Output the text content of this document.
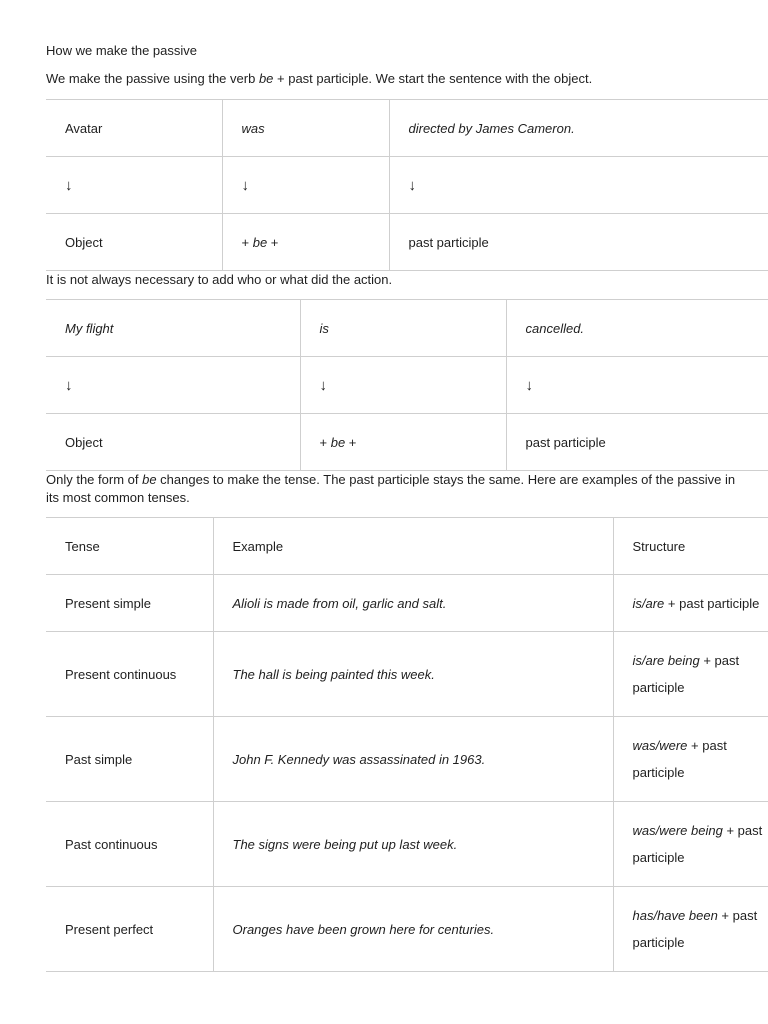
How we make the passive

We make the passive using the verb be + past participle. We start the sentence with the object.

Avatar	was	directed by James Cameron.
↓	↓	↓
Object	+ be +	past participle

It is not always necessary to add who or what did the action.

My flight	is	cancelled.
↓	↓	↓
Object	+ be +	past participle

Only the form of be changes to make the tense. The past participle stays the same. Here are examples of the passive in its most common tenses.

Tense	Example	Structure
Present simple	Alioli is made from oil, garlic and salt.	is/are + past participle
Present continuous	The hall is being painted this week.	is/are being + past participle
Past simple	John F. Kennedy was assassinated in 1963.	was/were + past participle
Past continuous	The signs were being put up last week.	was/were being + past participle
Present perfect	Oranges have been grown here for centuries.	has/have been + past participle
